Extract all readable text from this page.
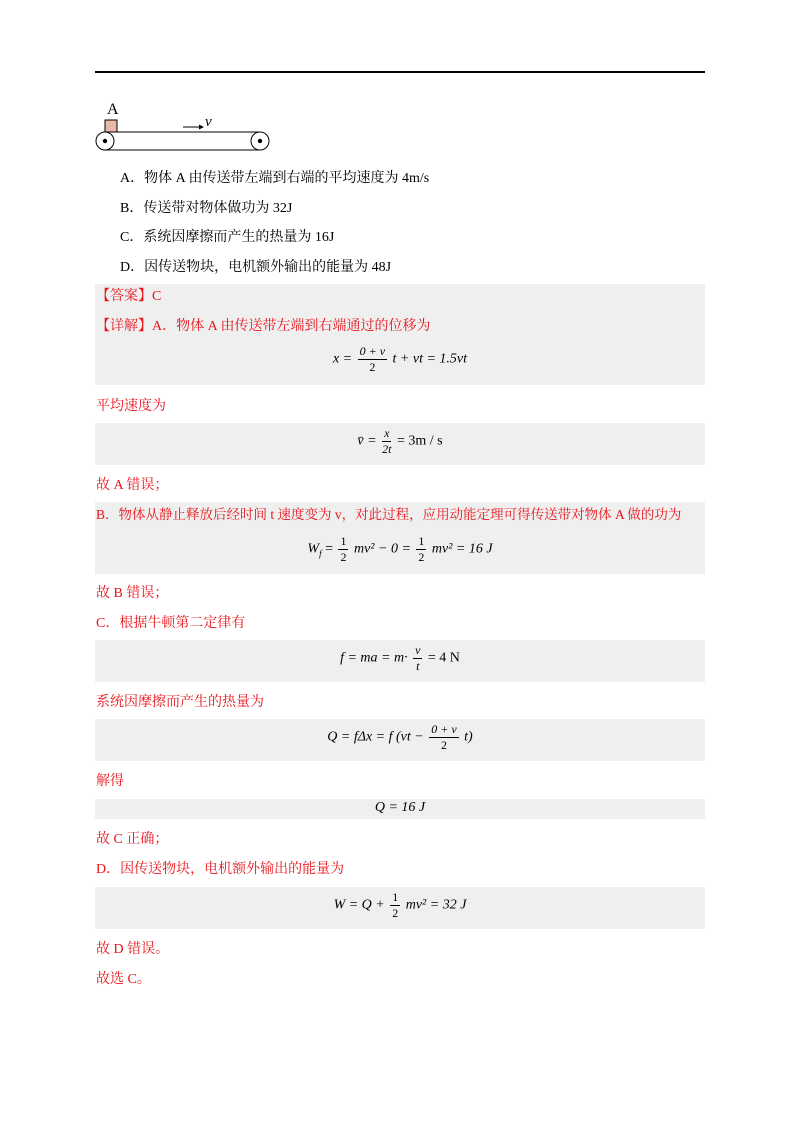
A
v
A．物体 A 由传送带左端到右端的平均速度为 4m/s
B．传送带对物体做功为 32J
C．系统因摩擦而产生的热量为 16J
D．因传送物块，电机额外输出的能量为 48J
【答案】C
【详解】A．物体 A 由传送带左端到右端通过的位移为
$x = \frac{0 + v}{2}$ t + vt = 1.5vt
平均速度为
v̄ = $\frac{x}{2t} = 3m / s$
故 A 错误；
B．物体从静止释放后经时间 t 速度变为 v，对此过程，应用动能定理可得传送带对物体 A 做的功为
$W_f = \frac{1}{2} mv^2 - 0 = \frac{1}{2} mv^2 = 16$ J
故 B 错误；
C．根据牛顿第二定律有
f = ma = $m\cdot \frac{v}{t} = 4$ N
系统因摩擦而产生的热量为
Q = fΔx = f $(vt - \frac{0 + v}{2} t)$
解得
Q = 16 J
故 C 正确；
D．因传送物块，电机额外输出的能量为
$W = Q + \frac{1}{2} mv^2 = 32$ J
故 D 错误。
故选 C。
